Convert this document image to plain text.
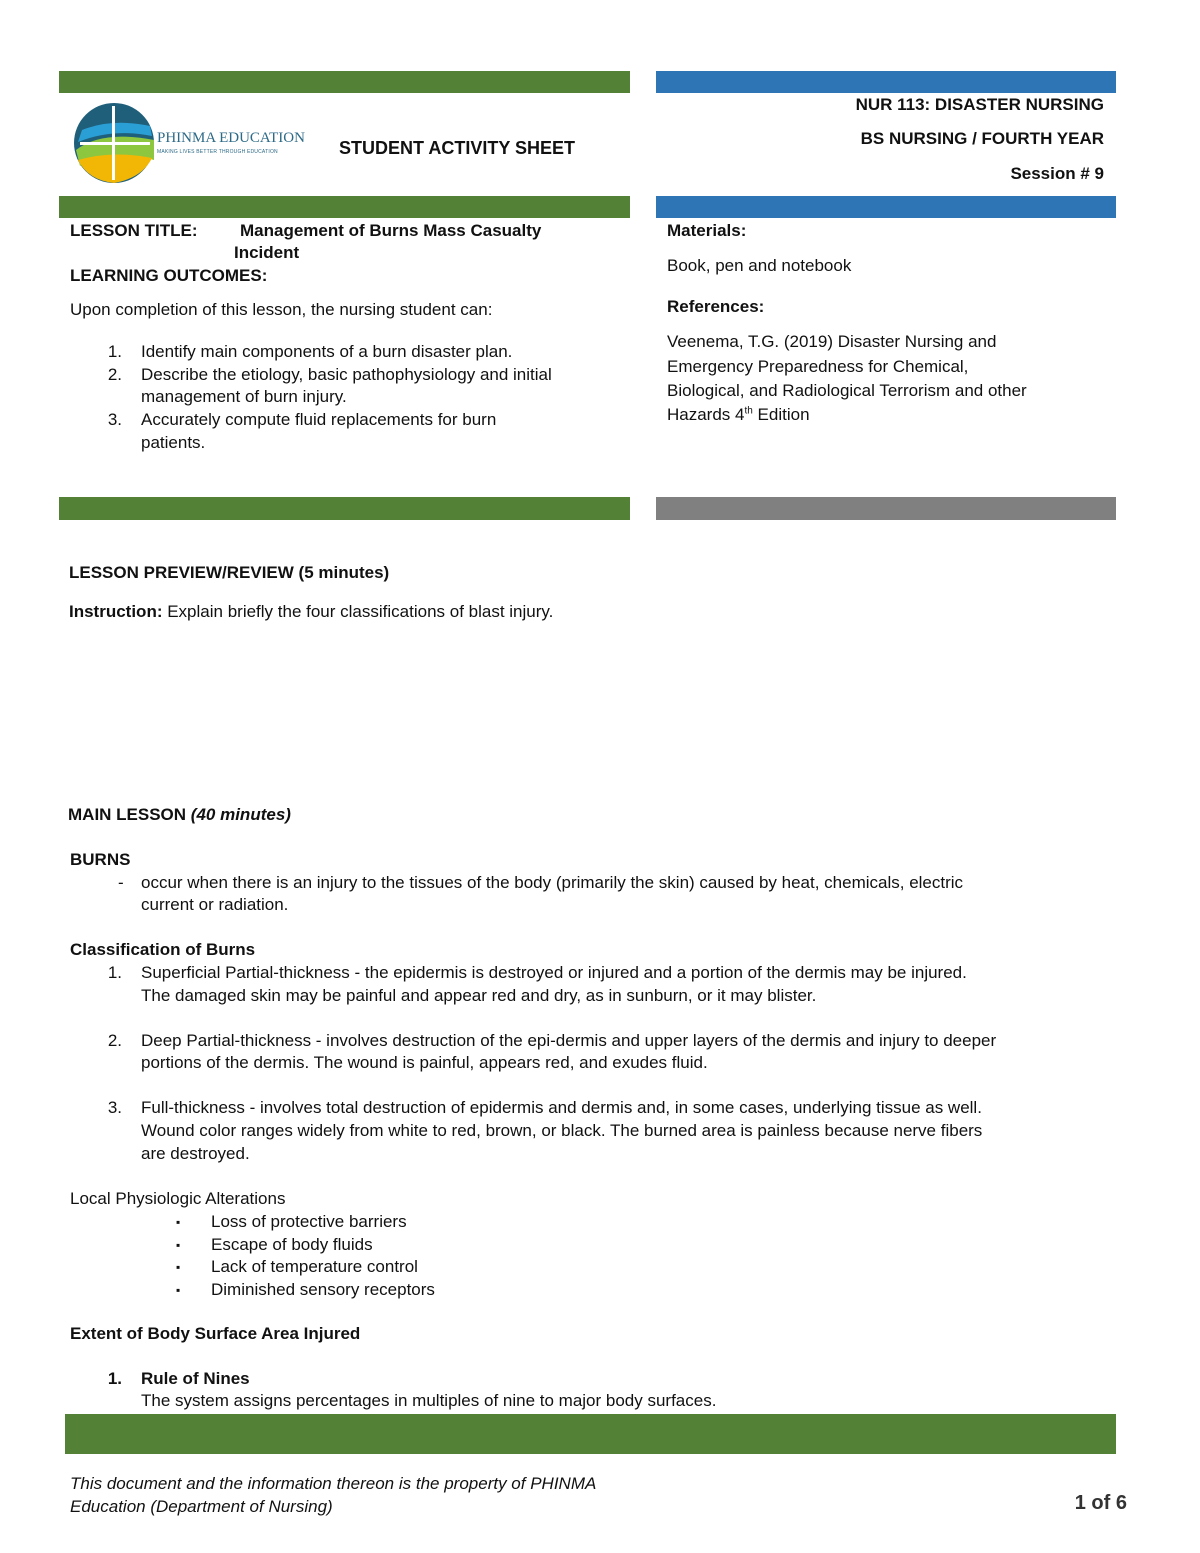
PHINMA EDUCATION
MAKING LIVES BETTER THROUGH EDUCATION	STUDENT ACTIVITY SHEET
NUR 113: DISASTER NURSING
BS NURSING / FOURTH YEAR
Session # 9
LESSON TITLE:	Management of Burns Mass Casualty
Incident
LEARNING OUTCOMES:
Upon completion of this lesson, the nursing student can:
1. Identify main components of a burn disaster plan.
2. Describe the etiology, basic pathophysiology and initial
management of burn injury.
3. Accurately compute fluid replacements for burn
patients.
Materials:
Book, pen and notebook
References:
Veenema, T.G. (2019) Disaster Nursing and
Emergency Preparedness for Chemical,
Biological, and Radiological Terrorism and other
Hazards 4th Edition
LESSON PREVIEW/REVIEW (5 minutes)
Instruction: Explain briefly the four classifications of blast injury.
MAIN LESSON (40 minutes)
BURNS
- occur when there is an injury to the tissues of the body (primarily the skin) caused by heat, chemicals, electric
current or radiation.
Classification of Burns
1. Superficial Partial-thickness - the epidermis is destroyed or injured and a portion of the dermis may be injured.
The damaged skin may be painful and appear red and dry, as in sunburn, or it may blister.
2. Deep Partial-thickness - involves destruction of the epi-dermis and upper layers of the dermis and injury to deeper
portions of the dermis. The wound is painful, appears red, and exudes fluid.
3. Full-thickness - involves total destruction of epidermis and dermis and, in some cases, underlying tissue as well.
Wound color ranges widely from white to red, brown, or black. The burned area is painless because nerve fibers
are destroyed.
Local Physiologic Alterations
▪ Loss of protective barriers
▪ Escape of body fluids
▪ Lack of temperature control
▪ Diminished sensory receptors
Extent of Body Surface Area Injured
1. Rule of Nines
The system assigns percentages in multiples of nine to major body surfaces.
This document and the information thereon is the property of PHINMA
Education (Department of Nursing)	1 of 6
